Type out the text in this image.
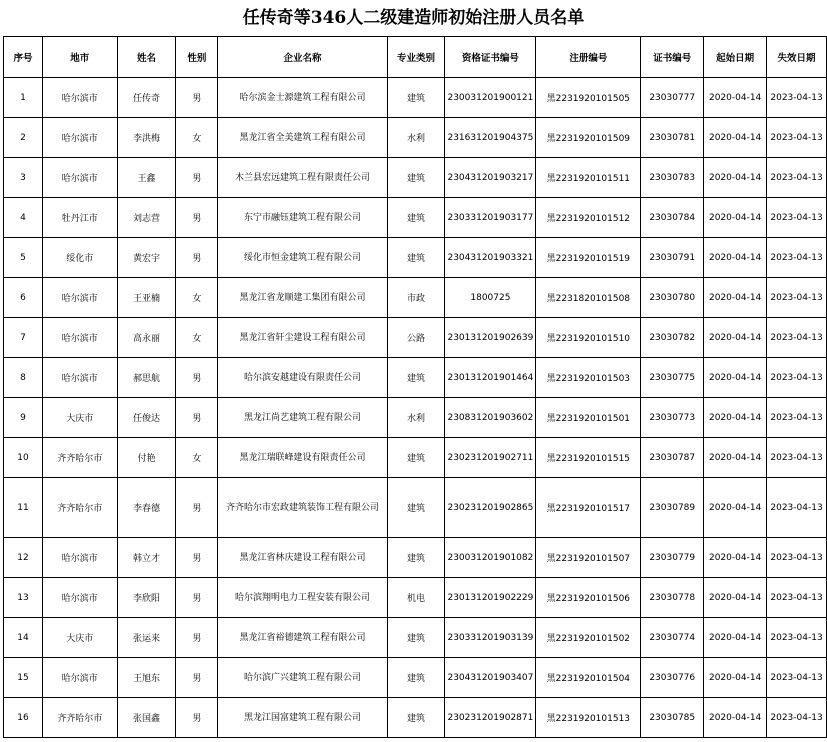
任传奇等346人二级建造师初始注册人员名单
序号	地市	姓名	性别	企业名称	专业类别	资格证书编号	注册编号	证书编号	起始日期	失效日期
1	哈尔滨市	任传奇	男	哈尔滨金士源建筑工程有限公司	建筑	230031201900121	黑2231920101505	23030777	2020-04-14	2023-04-13
2	哈尔滨市	李洪梅	女	黑龙江省全美建筑工程有限公司	水利	231631201904375	黑2231920101509	23030781	2020-04-14	2023-04-13
3	哈尔滨市	王鑫	男	木兰县宏远建筑工程有限责任公司	建筑	230431201903217	黑2231920101511	23030783	2020-04-14	2023-04-13
4	牡丹江市	刘志营	男	东宁市融钰建筑工程有限公司	建筑	230331201903177	黑2231920101512	23030784	2020-04-14	2023-04-13
5	绥化市	黄宏宇	男	绥化市恒金建筑工程有限公司	建筑	230431201903321	黑2231920101519	23030791	2020-04-14	2023-04-13
6	哈尔滨市	王亚楠	女	黑龙江省龙顺建工集团有限公司	市政	1800725	黑2231820101508	23030780	2020-04-14	2023-04-13
7	哈尔滨市	高永丽	女	黑龙江省轩尘建设工程有限公司	公路	230131201902639	黑2231920101510	23030782	2020-04-14	2023-04-13
8	哈尔滨市	郝思航	男	哈尔滨安越建设有限责任公司	建筑	230131201901464	黑2231920101503	23030775	2020-04-14	2023-04-13
9	大庆市	任俊达	男	黑龙江尚艺建筑工程有限公司	水利	230831201903602	黑2231920101501	23030773	2020-04-14	2023-04-13
10	齐齐哈尔市	付艳	女	黑龙江瑞联峰建设有限责任公司	建筑	230231201902711	黑2231920101515	23030787	2020-04-14	2023-04-13
11	齐齐哈尔市	李春德	男	齐齐哈尔市宏政建筑装饰工程有限公司	建筑	230231201902865	黑2231920101517	23030789	2020-04-14	2023-04-13
12	哈尔滨市	韩立才	男	黑龙江省林庆建设工程有限公司	建筑	230031201901082	黑2231920101507	23030779	2020-04-14	2023-04-13
13	哈尔滨市	李欣阳	男	哈尔滨翔明电力工程安装有限公司	机电	230131201902229	黑2231920101506	23030778	2020-04-14	2023-04-13
14	大庆市	张运来	男	黑龙江省裕德建筑工程有限公司	建筑	230331201903139	黑2231920101502	23030774	2020-04-14	2023-04-13
15	哈尔滨市	王旭东	男	哈尔滨广兴建筑工程有限公司	建筑	230431201903407	黑2231920101504	23030776	2020-04-14	2023-04-13
16	齐齐哈尔市	张国鑫	男	黑龙江国富建筑工程有限公司	建筑	230231201902871	黑2231920101513	23030785	2020-04-14	2023-04-13
